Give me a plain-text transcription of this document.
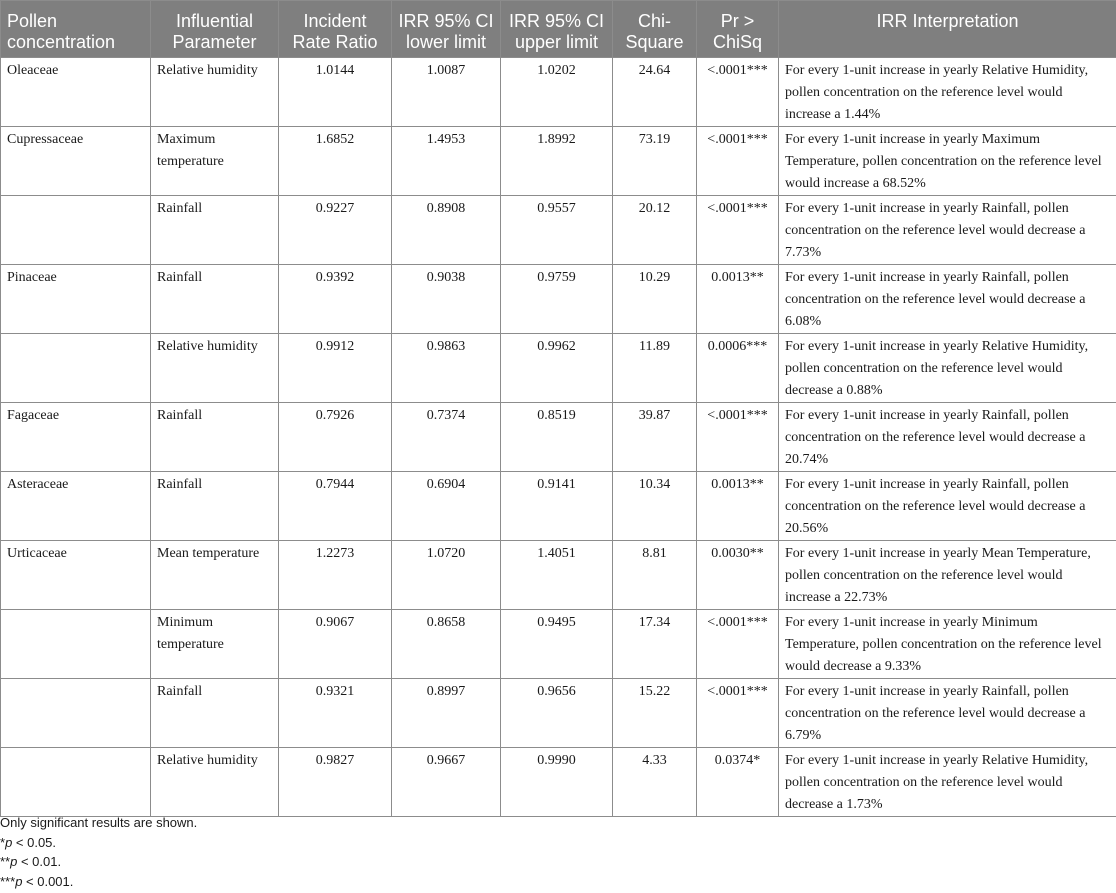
Pollen concentration	Influential Parameter	Incident Rate Ratio	IRR 95% CI lower limit	IRR 95% CI upper limit	Chi-Square	Pr > ChiSq	IRR Interpretation
Oleaceae	Relative humidity	1.0144	1.0087	1.0202	24.64	<.0001***	For every 1-unit increase in yearly Relative Humidity, pollen concentration on the reference level would increase a 1.44%
Cupressaceae	Maximum temperature	1.6852	1.4953	1.8992	73.19	<.0001***	For every 1-unit increase in yearly Maximum Temperature, pollen concentration on the reference level would increase a 68.52%
	Rainfall	0.9227	0.8908	0.9557	20.12	<.0001***	For every 1-unit increase in yearly Rainfall, pollen concentration on the reference level would decrease a 7.73%
Pinaceae	Rainfall	0.9392	0.9038	0.9759	10.29	0.0013**	For every 1-unit increase in yearly Rainfall, pollen concentration on the reference level would decrease a 6.08%
	Relative humidity	0.9912	0.9863	0.9962	11.89	0.0006***	For every 1-unit increase in yearly Relative Humidity, pollen concentration on the reference level would decrease a 0.88%
Fagaceae	Rainfall	0.7926	0.7374	0.8519	39.87	<.0001***	For every 1-unit increase in yearly Rainfall, pollen concentration on the reference level would decrease a 20.74%
Asteraceae	Rainfall	0.7944	0.6904	0.9141	10.34	0.0013**	For every 1-unit increase in yearly Rainfall, pollen concentration on the reference level would decrease a 20.56%
Urticaceae	Mean temperature	1.2273	1.0720	1.4051	8.81	0.0030**	For every 1-unit increase in yearly Mean Temperature, pollen concentration on the reference level would increase a 22.73%
	Minimum temperature	0.9067	0.8658	0.9495	17.34	<.0001***	For every 1-unit increase in yearly Minimum Temperature, pollen concentration on the reference level would decrease a 9.33%
	Rainfall	0.9321	0.8997	0.9656	15.22	<.0001***	For every 1-unit increase in yearly Rainfall, pollen concentration on the reference level would decrease a 6.79%
	Relative humidity	0.9827	0.9667	0.9990	4.33	0.0374*	For every 1-unit increase in yearly Relative Humidity, pollen concentration on the reference level would decrease a 1.73%
Only significant results are shown.
*p < 0.05.
**p < 0.01.
***p < 0.001.
